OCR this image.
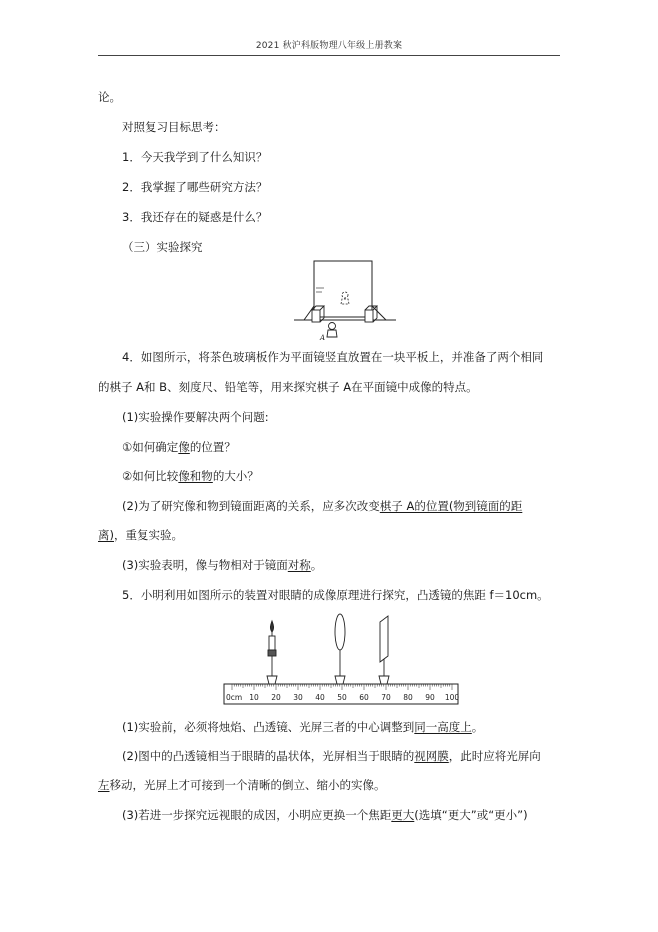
2021 秋沪科版物理八年级上册教案
论。
对照复习目标思考：
1．今天我学到了什么知识？
2．我掌握了哪些研究方法？
3．我还存在的疑惑是什么？
（三）实验探究
A
4．如图所示，将茶色玻璃板作为平面镜竖直放置在一块平板上，并准备了两个相同
的棋子 A和 B、刻度尺、铅笔等，用来探究棋子 A在平面镜中成像的特点。
(1)实验操作要解决两个问题:
①如何确定像的位置？
②如何比较像和物的大小？
(2)为了研究像和物到镜面距离的关系，应多次改变棋子 A的位置(物到镜面的距
离)，重复实验。
(3)实验表明，像与物相对于镜面对称。
5．小明利用如图所示的装置对眼睛的成像原理进行探究，凸透镜的焦距 f＝10cm。
0cm 10 20 30 40 50 60 70 80 90 100
(1)实验前，必须将烛焰、凸透镜、光屏三者的中心调整到同一高度上。
(2)图中的凸透镜相当于眼睛的晶状体，光屏相当于眼睛的视网膜，此时应将光屏向
左移动，光屏上才可接到一个清晰的倒立、缩小的实像。
(3)若进一步探究远视眼的成因，小明应更换一个焦距更大(选填“更大”或“更小”)
